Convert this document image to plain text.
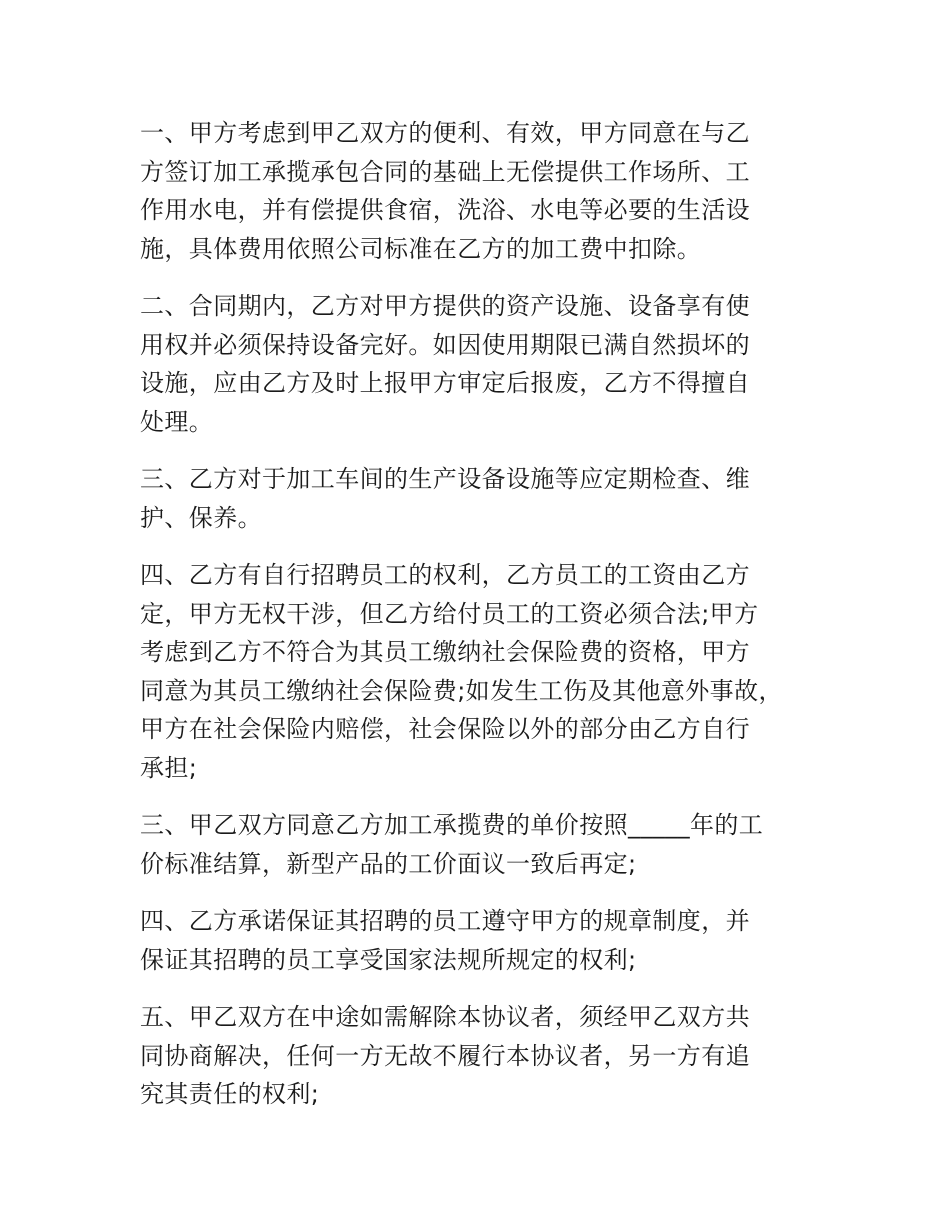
一、甲方考虑到甲乙双方的便利、有效，甲方同意在与乙
方签订加工承揽承包合同的基础上无偿提供工作场所、工
作用水电，并有偿提供食宿，洗浴、水电等必要的生活设
施，具体费用依照公司标准在乙方的加工费中扣除。
二、合同期内，乙方对甲方提供的资产设施、设备享有使
用权并必须保持设备完好。如因使用期限已满自然损坏的
设施，应由乙方及时上报甲方审定后报废，乙方不得擅自
处理。
三、乙方对于加工车间的生产设备设施等应定期检查、维
护、保养。
四、乙方有自行招聘员工的权利，乙方员工的工资由乙方
定，甲方无权干涉，但乙方给付员工的工资必须合法;甲方
考虑到乙方不符合为其员工缴纳社会保险费的资格，甲方
同意为其员工缴纳社会保险费;如发生工伤及其他意外事故，
甲方在社会保险内赔偿，社会保险以外的部分由乙方自行
承担;
三、甲乙双方同意乙方加工承揽费的单价按照_____年的工
价标准结算，新型产品的工价面议一致后再定;
四、乙方承诺保证其招聘的员工遵守甲方的规章制度，并
保证其招聘的员工享受国家法规所规定的权利;
五、甲乙双方在中途如需解除本协议者，须经甲乙双方共
同协商解决，任何一方无故不履行本协议者，另一方有追
究其责任的权利;
